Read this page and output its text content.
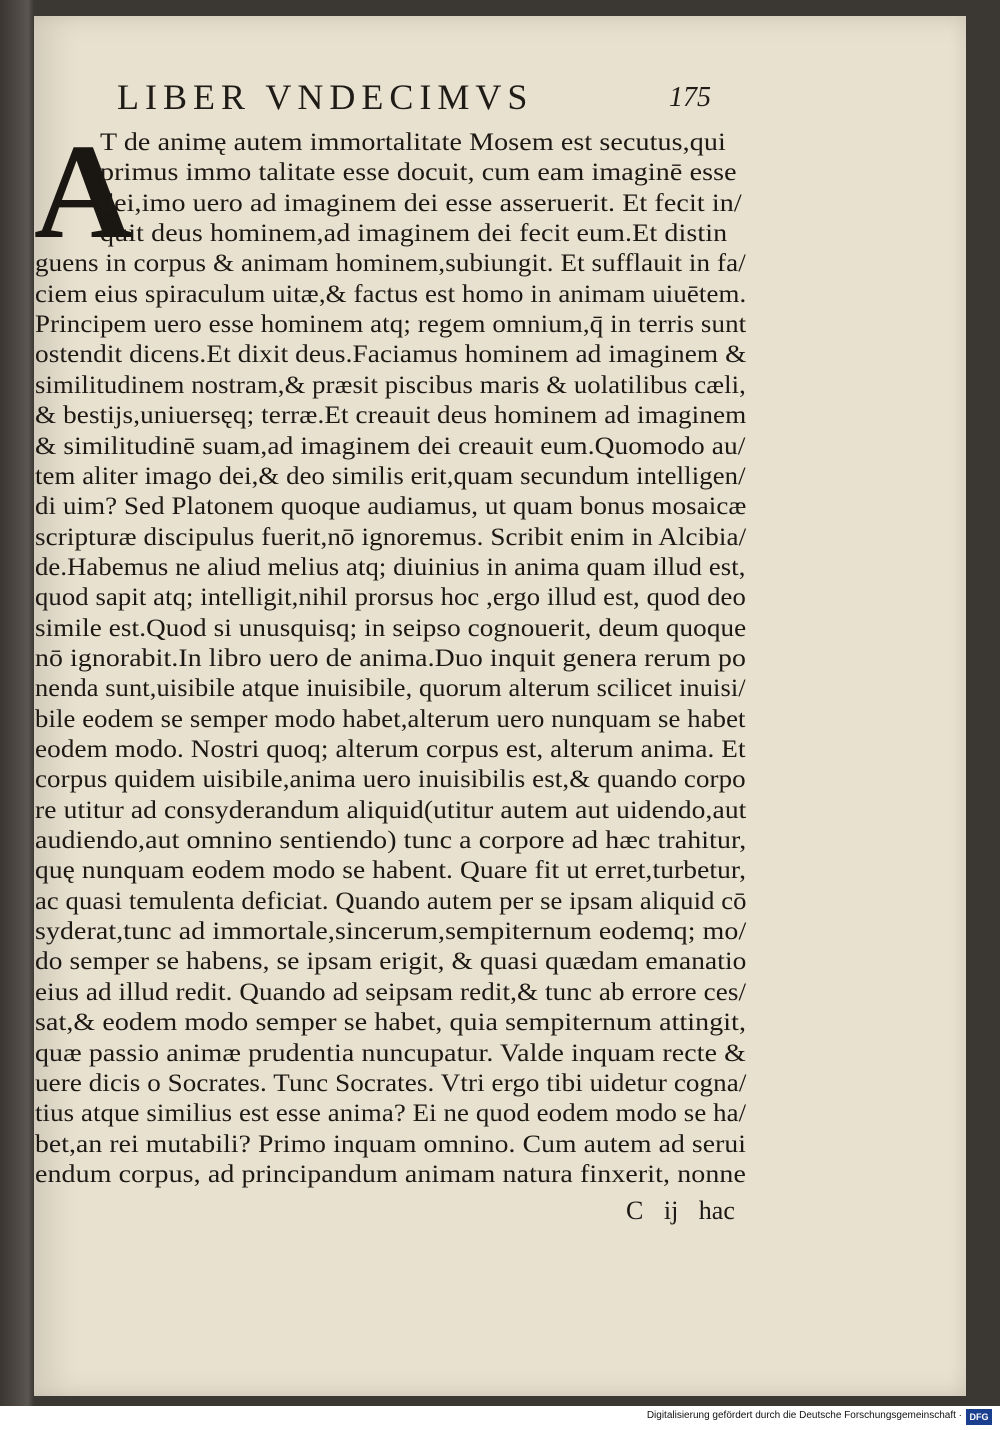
LIBER VNDECIMVS	175
A
T de animę autem immortalitate Mosem est secutus,qui
primus immo talitate esse docuit, cum eam imaginē esse
dei,imo uero ad imaginem dei esse asseruerit. Et fecit in/
quit deus hominem,ad imaginem dei fecit eum.Et distin
guens in corpus & animam hominem,subiungit. Et sufflauit in fa/
ciem eius spiraculum uitæ,& factus est homo in animam uiuētem.
Principem uero esse hominem atq; regem omnium,q̄ in terris sunt
ostendit dicens.Et dixit deus.Faciamus hominem ad imaginem &
similitudinem nostram,& præsit piscibus maris & uolatilibus cæli,
& bestijs,uniuersęq; terræ.Et creauit deus hominem ad imaginem
& similitudinē suam,ad imaginem dei creauit eum.Quomodo au/
tem aliter imago dei,& deo similis erit,quam secundum intelligen/
di uim? Sed Platonem quoque audiamus, ut quam bonus mosaicæ
scripturæ discipulus fuerit,nō ignoremus. Scribit enim in Alcibia/
de.Habemus ne aliud melius atq; diuinius in anima quam illud est,
quod sapit atq; intelligit,nihil prorsus hoc ,ergo illud est, quod deo
simile est.Quod si unusquisq; in seipso cognouerit, deum quoque
nō ignorabit.In libro uero de anima.Duo inquit genera rerum po
nenda sunt,uisibile atque inuisibile, quorum alterum scilicet inuisi/
bile eodem se semper modo habet,alterum uero nunquam se habet
eodem modo. Nostri quoq; alterum corpus est, alterum anima. Et
corpus quidem uisibile,anima uero inuisibilis est,& quando corpo
re utitur ad consyderandum aliquid(utitur autem aut uidendo,aut
audiendo,aut omnino sentiendo) tunc a corpore ad hæc trahitur,
quę nunquam eodem modo se habent. Quare fit ut erret,turbetur,
ac quasi temulenta deficiat. Quando autem per se ipsam aliquid cō
syderat,tunc ad immortale,sincerum,sempiternum eodemq; mo/
do semper se habens, se ipsam erigit, & quasi quædam emanatio
eius ad illud redit. Quando ad seipsam redit,& tunc ab errore ces/
sat,& eodem modo semper se habet, quia sempiternum attingit,
quæ passio animæ prudentia nuncupatur. Valde inquam recte &
uere dicis o Socrates. Tunc Socrates. Vtri ergo tibi uidetur cogna/
tius atque similius est esse anima? Ei ne quod eodem modo se ha/
bet,an rei mutabili? Primo inquam omnino. Cum autem ad serui
endum corpus, ad principandum animam natura finxerit, nonne
C ij hac
Digitalisierung gefördert durch die Deutsche Forschungsgemeinschaft · DFG
